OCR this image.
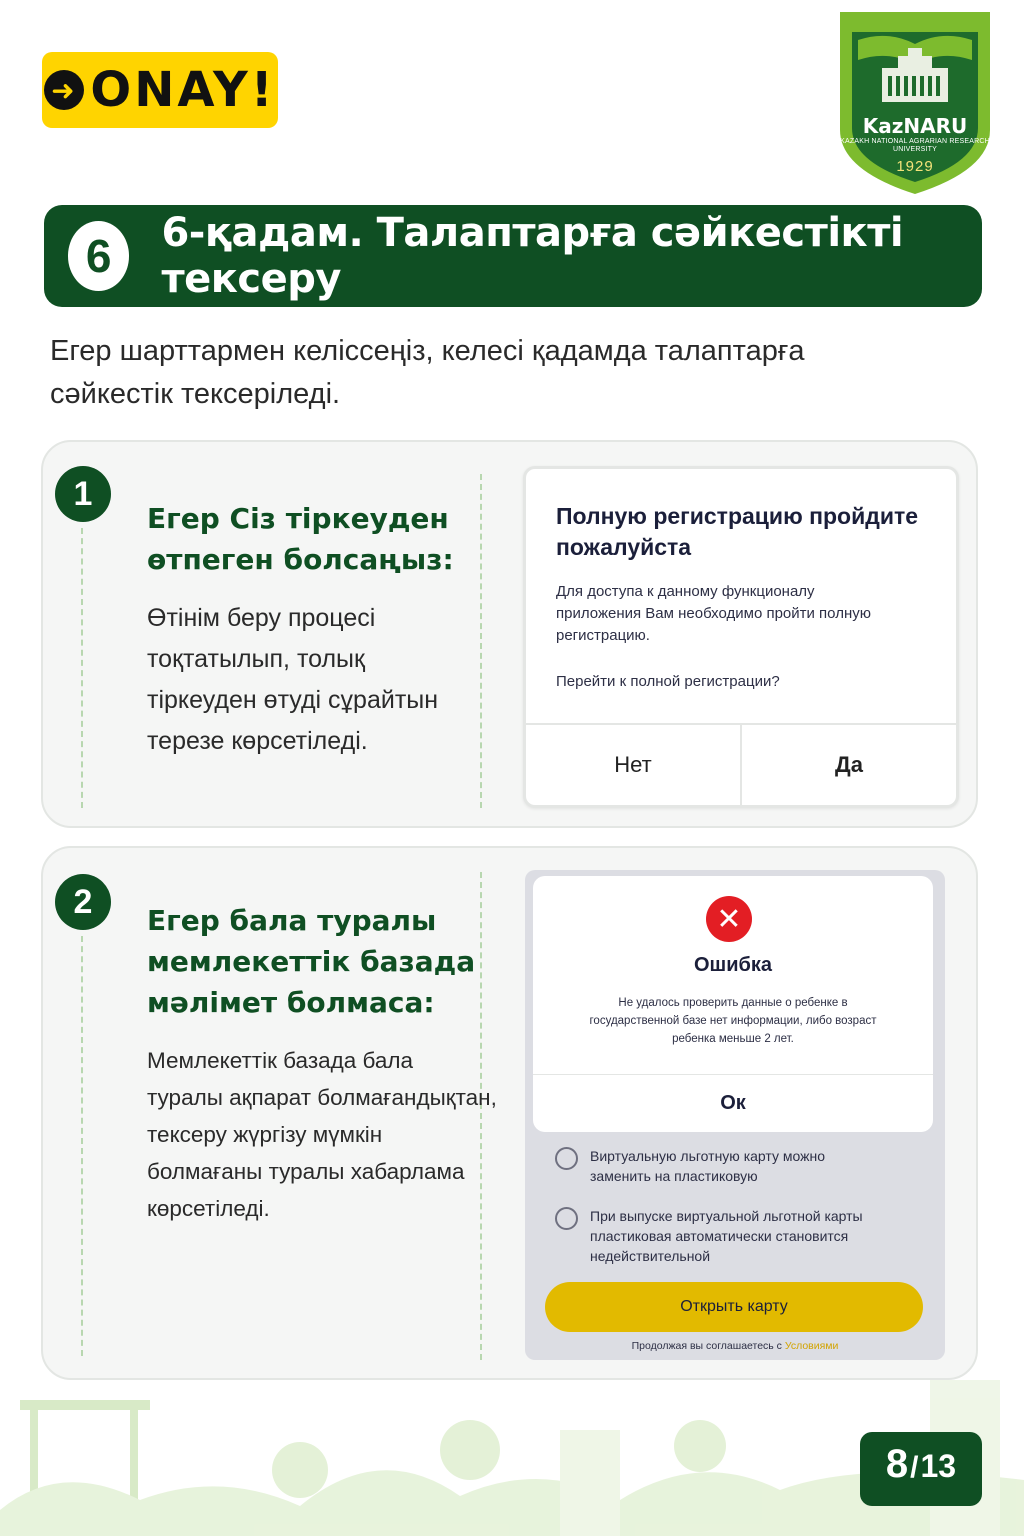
➜ ONAY!
KazNARU
KAZAKH NATIONAL AGRARIAN RESEARCH UNIVERSITY
1929
6	6-қадам. Талаптарға сәйкестікті тексеру
Егер шарттармен келіссеңіз, келесі қадамда талаптарға
сәйкестік тексеріледі.
1
Егер Сіз тіркеуден
өтпеген болсаңыз:
Өтінім беру процесі
тоқтатылып, толық
тіркеуден өтуді сұрайтын
терезе көрсетіледі.
Полную регистрацию пройдите
пожалуйста
Для доступа к данному функционалу
приложения Вам необходимо пройти полную
регистрацию.
Перейти к полной регистрации?
Нет	Да
2	Егер бала туралы
мемлекеттік базада
мәлімет болмаса:
Мемлекеттік базада бала
туралы ақпарат болмағандықтан,
тексеру жүргізу мүмкін
болмағаны туралы хабарлама
көрсетіледі.
✕
Ошибка
Не удалось проверить данные о ребенке в
государственной базе нет информации, либо возраст
ребенка меньше 2 лет.
Ок
Виртуальную льготную карту можно
заменить на пластиковую
При выпуске виртуальной льготной карты
пластиковая автоматически становится
недействительной
Открыть карту
Продолжая вы соглашаетесь с Условиями
8 / 13
